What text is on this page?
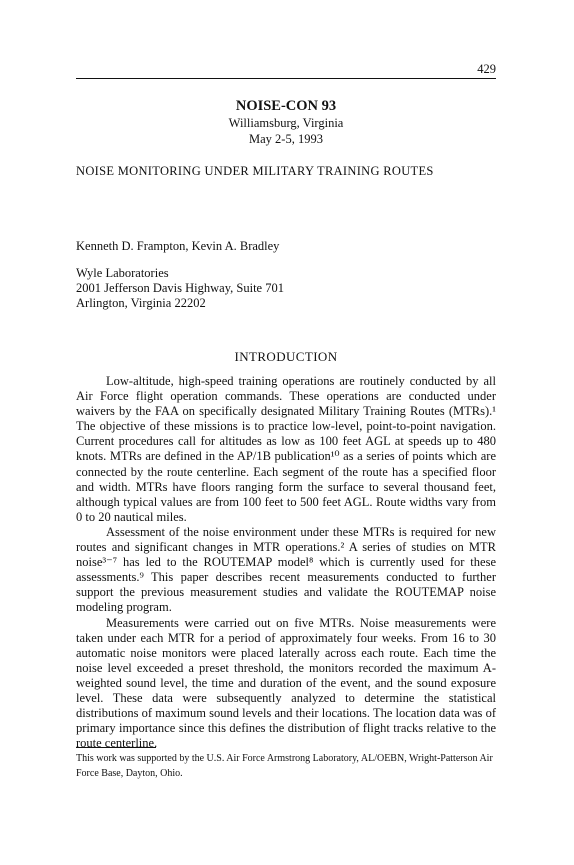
429
NOISE-CON 93
Williamsburg, Virginia
May 2-5, 1993
NOISE MONITORING UNDER MILITARY TRAINING ROUTES
Kenneth D. Frampton, Kevin A. Bradley
Wyle Laboratories
2001 Jefferson Davis Highway, Suite 701
Arlington, Virginia 22202
INTRODUCTION

Low-altitude, high-speed training operations are routinely conducted by all Air Force flight operation commands. These operations are conducted under waivers by the FAA on specifically designated Military Training Routes (MTRs).¹ The objective of these missions is to practice low-level, point-to-point navigation. Current procedures call for altitudes as low as 100 feet AGL at speeds up to 480 knots. MTRs are defined in the AP/1B publication¹⁰ as a series of points which are connected by the route centerline. Each segment of the route has a specified floor and width. MTRs have floors ranging form the surface to several thousand feet, although typical values are from 100 feet to 500 feet AGL. Route widths vary from 0 to 20 nautical miles.

Assessment of the noise environment under these MTRs is required for new routes and significant changes in MTR operations.² A series of studies on MTR noise³⁻⁷ has led to the ROUTEMAP model⁸ which is currently used for these assessments.⁹ This paper describes recent measurements conducted to further support the previous measurement studies and validate the ROUTEMAP noise modeling program.

Measurements were carried out on five MTRs. Noise measurements were taken under each MTR for a period of approximately four weeks. From 16 to 30 automatic noise monitors were placed laterally across each route. Each time the noise level exceeded a preset threshold, the monitors recorded the maximum A-weighted sound level, the time and duration of the event, and the sound exposure level. These data were subsequently analyzed to determine the statistical distributions of maximum sound levels and their locations. The location data was of primary importance since this defines the distribution of flight tracks relative to the route centerline.

This work was supported by the U.S. Air Force Armstrong Laboratory, AL/OEBN, Wright-Patterson Air Force Base, Dayton, Ohio.
